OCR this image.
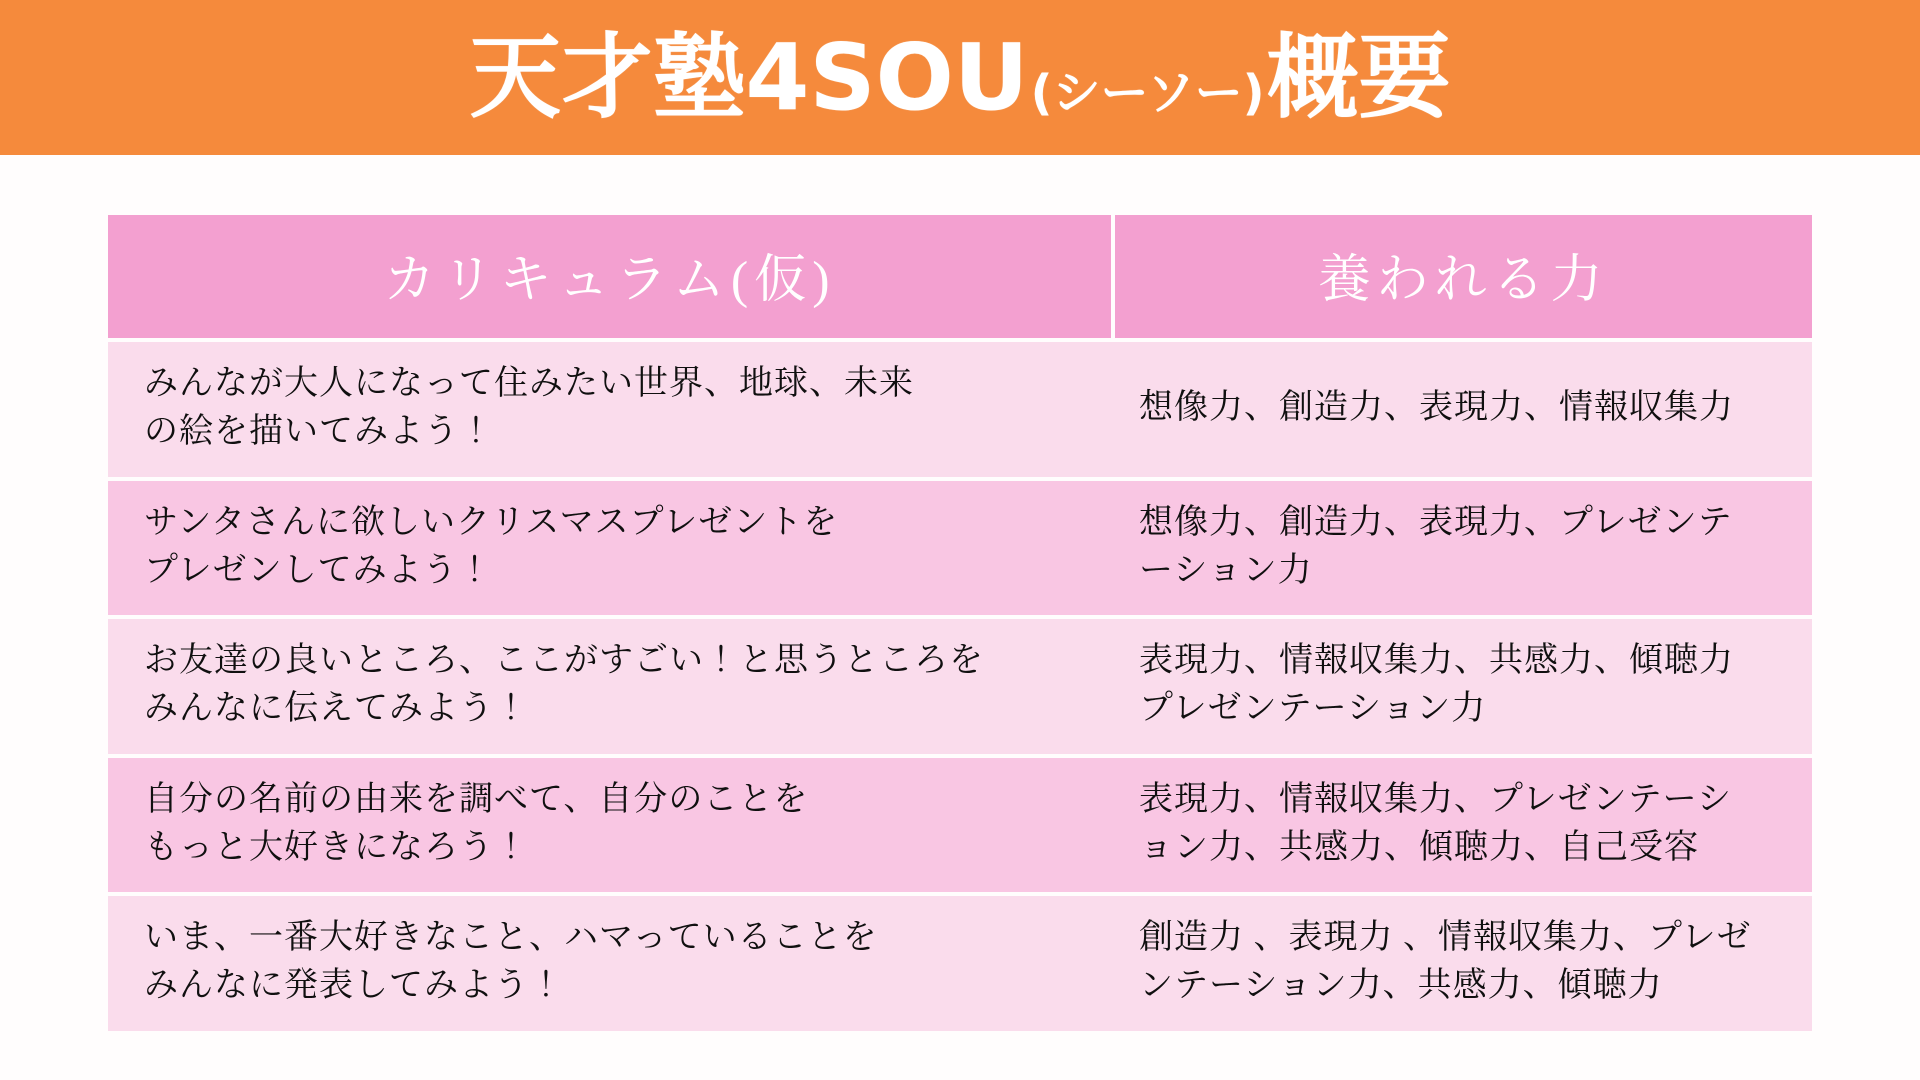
天才塾4SOU (シーソー) 概要
カリキュラム(仮)	養われる力

みんなが大人になって住みたい世界、地球、未来
の絵を描いてみよう！	想像力、創造力、表現力、情報収集力

サンタさんに欲しいクリスマスプレゼントを
プレゼンしてみよう！	想像力、創造力、表現力、プレゼンテ
ーション力

お友達の良いところ、ここがすごい！と思うところを
みんなに伝えてみよう！	表現力、情報収集力、共感力、傾聴力
プレゼンテーション力

自分の名前の由来を調べて、自分のことを
もっと大好きになろう！	表現力、情報収集力、プレゼンテーシ
ョン力、共感力、傾聴力、自己受容

いま、一番大好きなこと、ハマっていることを
みんなに発表してみよう！	創造力 、表現力 、情報収集力、プレゼ
ンテーション力、共感力、傾聴力
